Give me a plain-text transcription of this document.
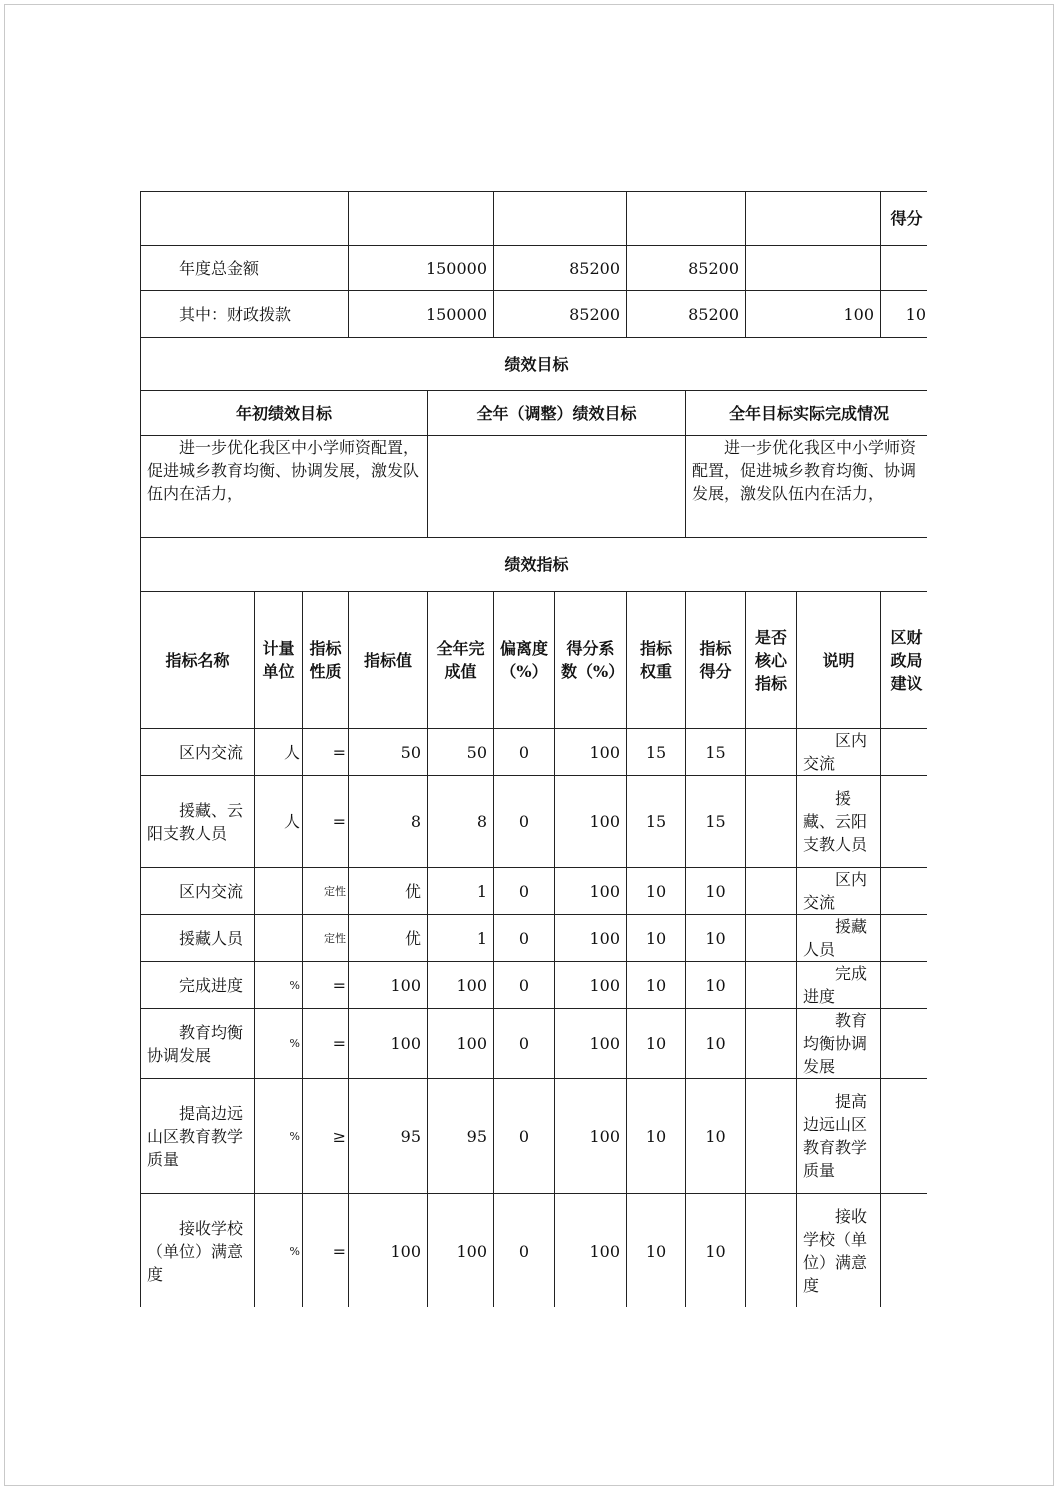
											得分	
年度总金额			150000		85200		85200					
其中：财政拨款			150000		85200		85200		100		10	
绩效目标												
年初绩效目标				全年（调整）绩效目标				全年目标实际完成情况				
进一步优化我区中小学师资配置，促进城乡教育均衡、协调发展，激发队伍内在活力，								进一步优化我区中小学师资配置，促进城乡教育均衡、协调发展，激发队伍内在活力，				
绩效指标												
指标名称	计量单位	指标性质	指标值	全年完成值	偏离度（%）	得分系数（%）	指标权重	指标得分	是否核心指标	说明	区财政局建议	
区内交流	人	=	50	50	0	100	15	15		区内交流		
援藏、云阳支教人员	人	=	8	8	0	100	15	15		援藏、云阳支教人员		
区内交流		定性	优	1	0	100	10	10		区内交流		
援藏人员		定性	优	1	0	100	10	10		援藏人员		
完成进度	%	=	100	100	0	100	10	10		完成进度		
教育均衡协调发展	%	=	100	100	0	100	10	10		教育均衡协调发展		
提高边远山区教育教学质量	%	≥	95	95	0	100	10	10		提高边远山区教育教学质量		
接收学校（单位）满意度	%	=	100	100	0	100	10	10		接收学校（单位）满意度		
